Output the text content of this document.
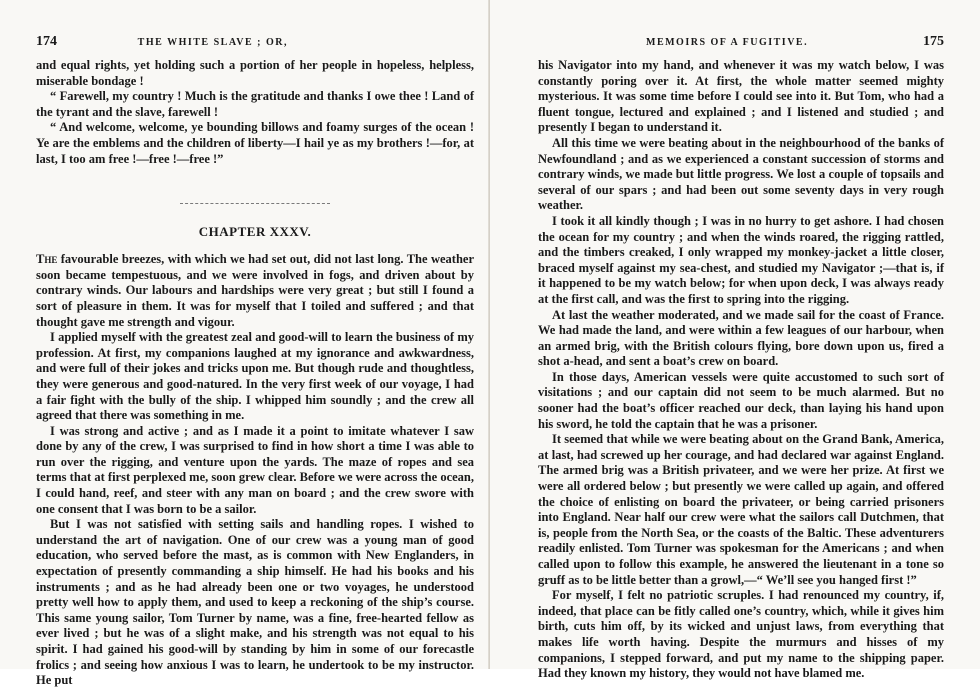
174	THE WHITE SLAVE ; OR,

and equal rights, yet holding such a portion of her people in hopeless, helpless, miserable bondage !

“ Farewell, my country ! Much is the gratitude and thanks I owe thee ! Land of the tyrant and the slave, farewell !

“ And welcome, welcome, ye bounding billows and foamy surges of the ocean ! Ye are the emblems and the children of liberty—I hail ye as my brothers !—for, at last, I too am free !—free !—free !”

CHAPTER XXXV.

The favourable breezes, with which we had set out, did not last long. The weather soon became tempestuous, and we were involved in fogs, and driven about by contrary winds. Our labours and hardships were very great ; but still I found a sort of pleasure in them. It was for myself that I toiled and suffered ; and that thought gave me strength and vigour.

I applied myself with the greatest zeal and good-will to learn the business of my profession. At first, my companions laughed at my ignorance and awkwardness, and were full of their jokes and tricks upon me. But though rude and thoughtless, they were generous and good-natured. In the very first week of our voyage, I had a fair fight with the bully of the ship. I whipped him soundly ; and the crew all agreed that there was something in me.

I was strong and active ; and as I made it a point to imitate whatever I saw done by any of the crew, I was surprised to find in how short a time I was able to run over the rigging, and venture upon the yards. The maze of ropes and sea terms that at first perplexed me, soon grew clear. Before we were across the ocean, I could hand, reef, and steer with any man on board ; and the crew swore with one consent that I was born to be a sailor.

But I was not satisfied with setting sails and handling ropes. I wished to understand the art of navigation. One of our crew was a young man of good education, who served before the mast, as is common with New Englanders, in expectation of presently commanding a ship himself. He had his books and his instruments ; and as he had already been one or two voyages, he understood pretty well how to apply them, and used to keep a reckoning of the ship’s course. This same young sailor, Tom Turner by name, was a fine, free-hearted fellow as ever lived ; but he was of a slight make, and his strength was not equal to his spirit. I had gained his good-will by standing by him in some of our forecastle frolics ; and seeing how anxious I was to learn, he undertook to be my instructor. He put

MEMOIRS OF A FUGITIVE.	175

his Navigator into my hand, and whenever it was my watch below, I was constantly poring over it. At first, the whole matter seemed mighty mysterious. It was some time before I could see into it. But Tom, who had a fluent tongue, lectured and explained ; and I listened and studied ; and presently I began to understand it.

All this time we were beating about in the neighbourhood of the banks of Newfoundland ; and as we experienced a constant succession of storms and contrary winds, we made but little progress. We lost a couple of topsails and several of our spars ; and had been out some seventy days in very rough weather.

I took it all kindly though ; I was in no hurry to get ashore. I had chosen the ocean for my country ; and when the winds roared, the rigging rattled, and the timbers creaked, I only wrapped my monkey-jacket a little closer, braced myself against my sea-chest, and studied my Navigator ;—that is, if it happened to be my watch below; for when upon deck, I was always ready at the first call, and was the first to spring into the rigging.

At last the weather moderated, and we made sail for the coast of France. We had made the land, and were within a few leagues of our harbour, when an armed brig, with the British colours flying, bore down upon us, fired a shot a-head, and sent a boat’s crew on board.

In those days, American vessels were quite accustomed to such sort of visitations ; and our captain did not seem to be much alarmed. But no sooner had the boat’s officer reached our deck, than laying his hand upon his sword, he told the captain that he was a prisoner.

It seemed that while we were beating about on the Grand Bank, America, at last, had screwed up her courage, and had declared war against England. The armed brig was a British privateer, and we were her prize. At first we were all ordered below ; but presently we were called up again, and offered the choice of enlisting on board the privateer, or being carried prisoners into England. Near half our crew were what the sailors call Dutchmen, that is, people from the North Sea, or the coasts of the Baltic. These adventurers readily enlisted. Tom Turner was spokesman for the Americans ; and when called upon to follow this example, he answered the lieutenant in a tone so gruff as to be little better than a growl,—“ We’ll see you hanged first !”

For myself, I felt no patriotic scruples. I had renounced my country, if, indeed, that place can be fitly called one’s country, which, while it gives him birth, cuts him off, by its wicked and unjust laws, from everything that makes life worth having. Despite the murmurs and hisses of my companions, I stepped forward, and put my name to the shipping paper. Had they known my history, they would not have blamed me.
